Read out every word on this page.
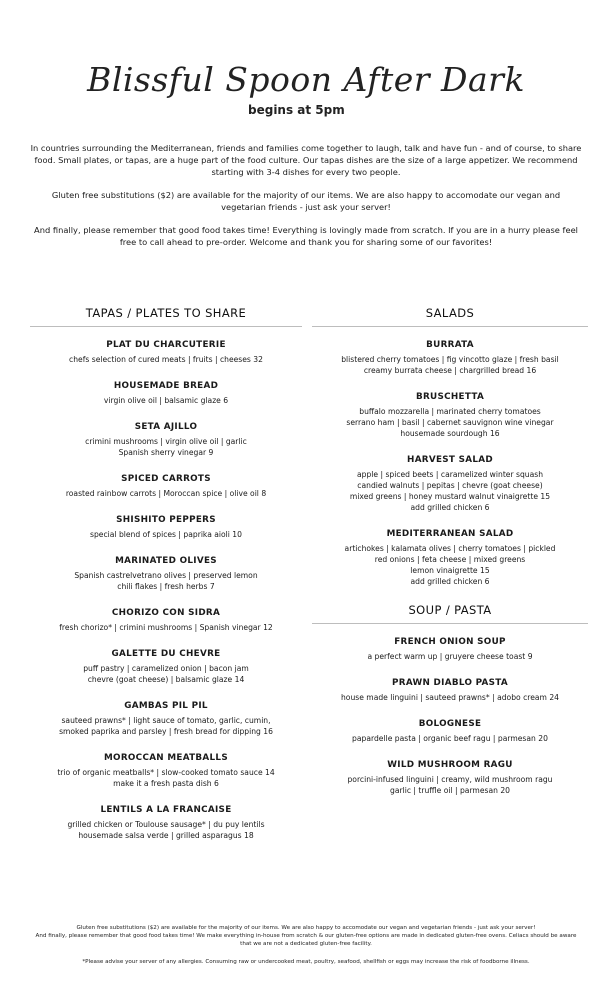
Blissful Spoon After Dark
begins at 5pm

In countries surrounding the Mediterranean, friends and families come together to laugh, talk and have fun - and of course, to share food. Small plates, or tapas, are a huge part of the food culture. Our tapas dishes are the size of a large appetizer. We recommend starting with 3-4 dishes for every two people.

Gluten free substitutions ($2) are available for the majority of our items. We are also happy to accomodate our vegan and vegetarian friends - just ask your server!

And finally, please remember that good food takes time! Everything is lovingly made from scratch. If you are in a hurry please feel free to call ahead to pre-order. Welcome and thank you for sharing some of our favorites!

TAPAS / PLATES TO SHARE
PLAT DU CHARCUTERIE
chefs selection of cured meats | fruits | cheeses 32
HOUSEMADE BREAD
virgin olive oil | balsamic glaze 6
SETA AJILLO
crimini mushrooms | virgin olive oil | garlic
Spanish sherry vinegar 9
SPICED CARROTS
roasted rainbow carrots | Moroccan spice | olive oil 8
SHISHITO PEPPERS
special blend of spices | paprika aioli 10
MARINATED OLIVES
Spanish castrelvetrano olives | preserved lemon
chili flakes | fresh herbs 7
CHORIZO CON SIDRA
fresh chorizo* | crimini mushrooms | Spanish vinegar 12
GALETTE DU CHEVRE
puff pastry | caramelized onion | bacon jam
chevre (goat cheese) | balsamic glaze 14
GAMBAS PIL PIL
sauteed prawns* | light sauce of tomato, garlic, cumin,
smoked paprika and parsley | fresh bread for dipping 16
MOROCCAN MEATBALLS
trio of organic meatballs* | slow-cooked tomato sauce 14
make it a fresh pasta dish 6
LENTILS A LA FRANCAISE
grilled chicken or Toulouse sausage* | du puy lentils
housemade salsa verde | grilled asparagus 18
SALADS
BURRATA
blistered cherry tomatoes | fig vincotto glaze | fresh basil
creamy burrata cheese | chargrilled bread 16
BRUSCHETTA
buffalo mozzarella | marinated cherry tomatoes
serrano ham | basil | cabernet sauvignon wine vinegar
housemade sourdough 16
HARVEST SALAD
apple | spiced beets | caramelized winter squash
candied walnuts | pepitas | chevre (goat cheese)
mixed greens | honey mustard walnut vinaigrette 15
add grilled chicken 6
MEDITERRANEAN SALAD
artichokes | kalamata olives | cherry tomatoes | pickled
red onions | feta cheese | mixed greens
lemon vinaigrette 15
add grilled chicken 6
SOUP / PASTA
FRENCH ONION SOUP
a perfect warm up | gruyere cheese toast 9
PRAWN DIABLO PASTA
house made linguini | sauteed prawns* | adobo cream 24
BOLOGNESE
papardelle pasta | organic beef ragu | parmesan 20
WILD MUSHROOM RAGU
porcini-infused linguini | creamy, wild mushroom ragu
garlic | truffle oil | parmesan 20

Gluten free substitutions ($2) are available for the majority of our items. We are also happy to accomodate our vegan and vegetarian friends - just ask your server!

And finally, please remember that good food takes time! We make everything in-house from scratch & our gluten-free options are made in dedicated gluten-free ovens. Celiacs should be aware that we are not a dedicated gluten-free facility.

*Please advise your server of any allergies. Consuming raw or undercooked meat, poultry, seafood, shellfish or eggs may increase the risk of foodborne illness.
